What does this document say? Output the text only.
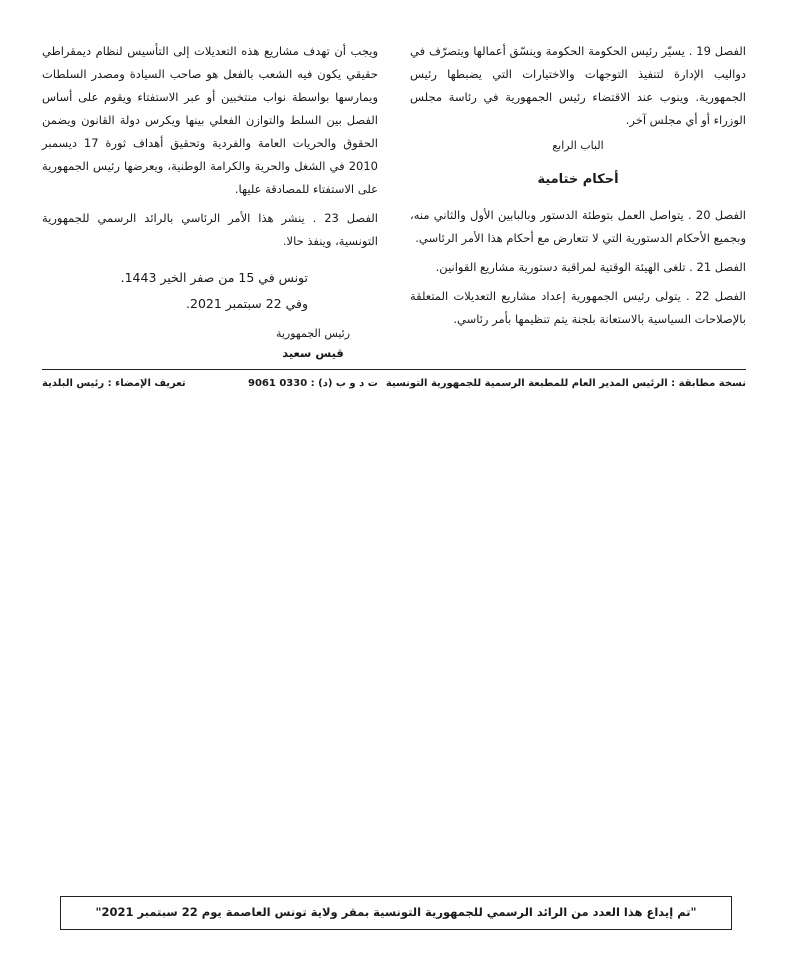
الفصل 19 . يسيّر رئيس الحكومة الحكومة وينسّق أعمالها ويتصرّف في دواليب الإدارة لتنفيذ التوجهات والاختيارات التي يضبطها رئيس الجمهورية. وينوب عند الاقتضاء رئيس الجمهورية في رئاسة مجلس الوزراء أو أي مجلس آخر.

الباب الرابع

أحكام ختامية

الفصل 20 . يتواصل العمل بتوطئة الدستور وبالبابين الأول والثاني منه، وبجميع الأحكام الدستورية التي لا تتعارض مع أحكام هذا الأمر الرئاسي.

الفصل 21 . تلغى الهيئة الوقتية لمراقبة دستورية مشاريع القوانين.

الفصل 22 . يتولى رئيس الجمهورية إعداد مشاريع التعديلات المتعلقة بالإصلاحات السياسية بالاستعانة بلجنة يتم تنظيمها بأمر رئاسي.

ويجب أن تهدف مشاريع هذه التعديلات إلى التأسيس لنظام ديمقراطي حقيقي يكون فيه الشعب بالفعل هو صاحب السيادة ومصدر السلطات ويمارسها بواسطة نواب منتخبين أو عبر الاستفتاء ويقوم على أساس الفصل بين السلط والتوازن الفعلي بينها ويكرس دولة القانون ويضمن الحقوق والحريات العامة والفردية وتحقيق أهداف ثورة 17 ديسمبر 2010 في الشغل والحرية والكرامة الوطنية، ويعرضها رئيس الجمهورية على الاستفتاء للمصادقة عليها.

الفصل 23 . ينشر هذا الأمر الرئاسي بالرائد الرسمي للجمهورية التونسية، وينفذ حالا.

تونس في 15 من صفر الخير 1443.

وفي 22 سبتمبر 2021.

رئيس الجمهورية

قيس سعيد

نسخة مطابقة : الرئيس المدير العام للمطبعة الرسمية للجمهورية التونسية
ت د و ب (د) : 0330 9061
تعريف الإمضاء : رئيس البلدية
"تم إيداع هذا العدد من الرائد الرسمي للجمهورية التونسية بمقر ولاية تونس العاصمة يوم 22 سبتمبر 2021"
